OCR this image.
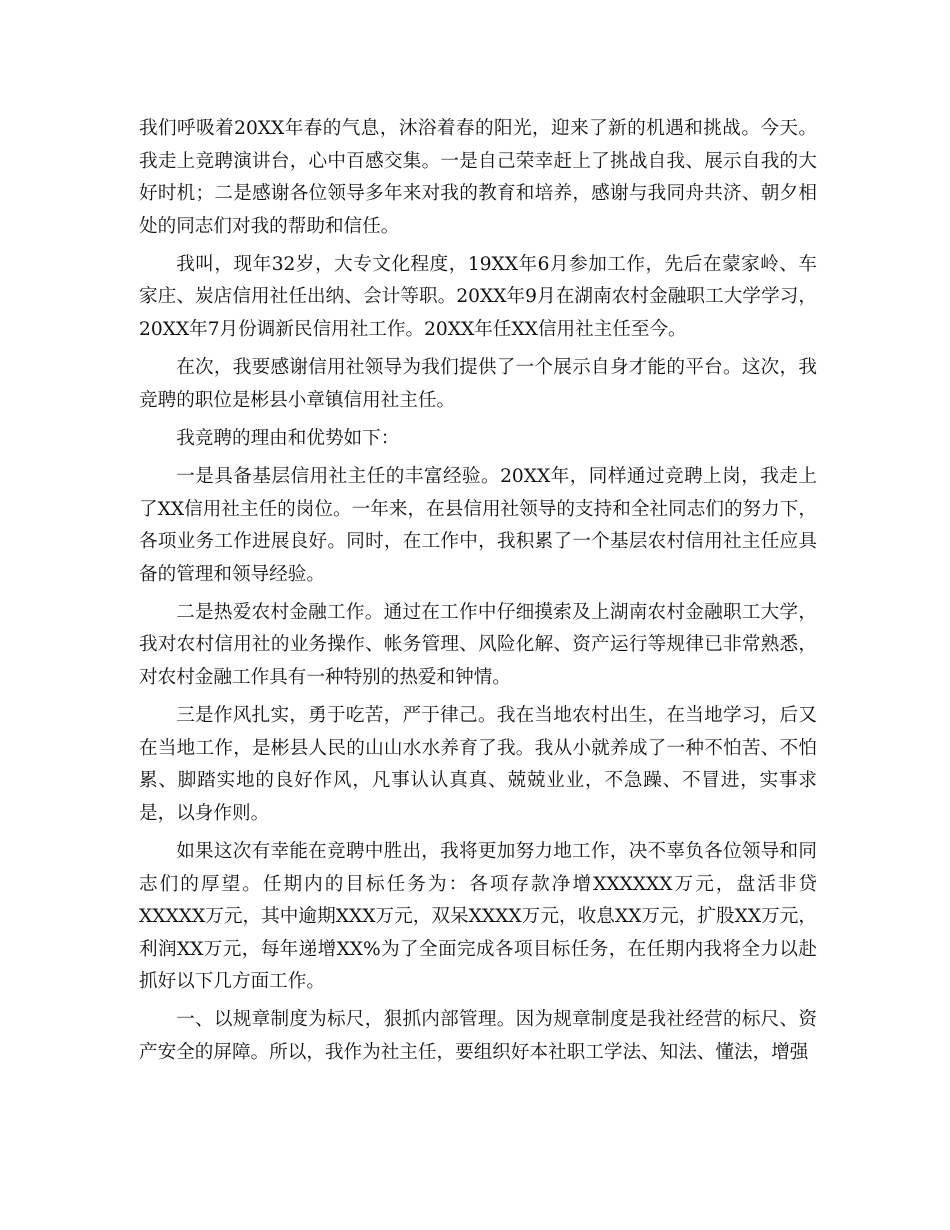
我们呼吸着20XX年春的气息，沐浴着春的阳光，迎来了新的机遇和挑战。今天。我走上竞聘演讲台，心中百感交集。一是自己荣幸赶上了挑战自我、展示自我的大好时机；二是感谢各位领导多年来对我的教育和培养，感谢与我同舟共济、朝夕相处的同志们对我的帮助和信任。

我叫，现年32岁，大专文化程度，19XX年6月参加工作，先后在蒙家岭、车家庄、炭店信用社任出纳、会计等职。20XX年9月在湖南农村金融职工大学学习，20XX年7月份调新民信用社工作。20XX年任XX信用社主任至今。

在次，我要感谢信用社领导为我们提供了一个展示自身才能的平台。这次，我竞聘的职位是彬县小章镇信用社主任。

我竞聘的理由和优势如下：

一是具备基层信用社主任的丰富经验。20XX年，同样通过竞聘上岗，我走上了XX信用社主任的岗位。一年来，在县信用社领导的支持和全社同志们的努力下，各项业务工作进展良好。同时，在工作中，我积累了一个基层农村信用社主任应具备的管理和领导经验。

二是热爱农村金融工作。通过在工作中仔细摸索及上湖南农村金融职工大学，我对农村信用社的业务操作、帐务管理、风险化解、资产运行等规律已非常熟悉，对农村金融工作具有一种特别的热爱和钟情。

三是作风扎实，勇于吃苦，严于律己。我在当地农村出生，在当地学习，后又在当地工作，是彬县人民的山山水水养育了我。我从小就养成了一种不怕苦、不怕累、脚踏实地的良好作风，凡事认认真真、兢兢业业，不急躁、不冒进，实事求是，以身作则。

如果这次有幸能在竞聘中胜出，我将更加努力地工作，决不辜负各位领导和同志们的厚望。任期内的目标任务为：各项存款净增XXXXXX万元，盘活非贷XXXXX万元，其中逾期XXX万元，双呆XXXX万元，收息XX万元，扩股XX万元，利润XX万元，每年递增XX%为了全面完成各项目标任务，在任期内我将全力以赴抓好以下几方面工作。

一、以规章制度为标尺，狠抓内部管理。因为规章制度是我社经营的标尺、资产安全的屏障。所以，我作为社主任，要组织好本社职工学法、知法、懂法，增强
